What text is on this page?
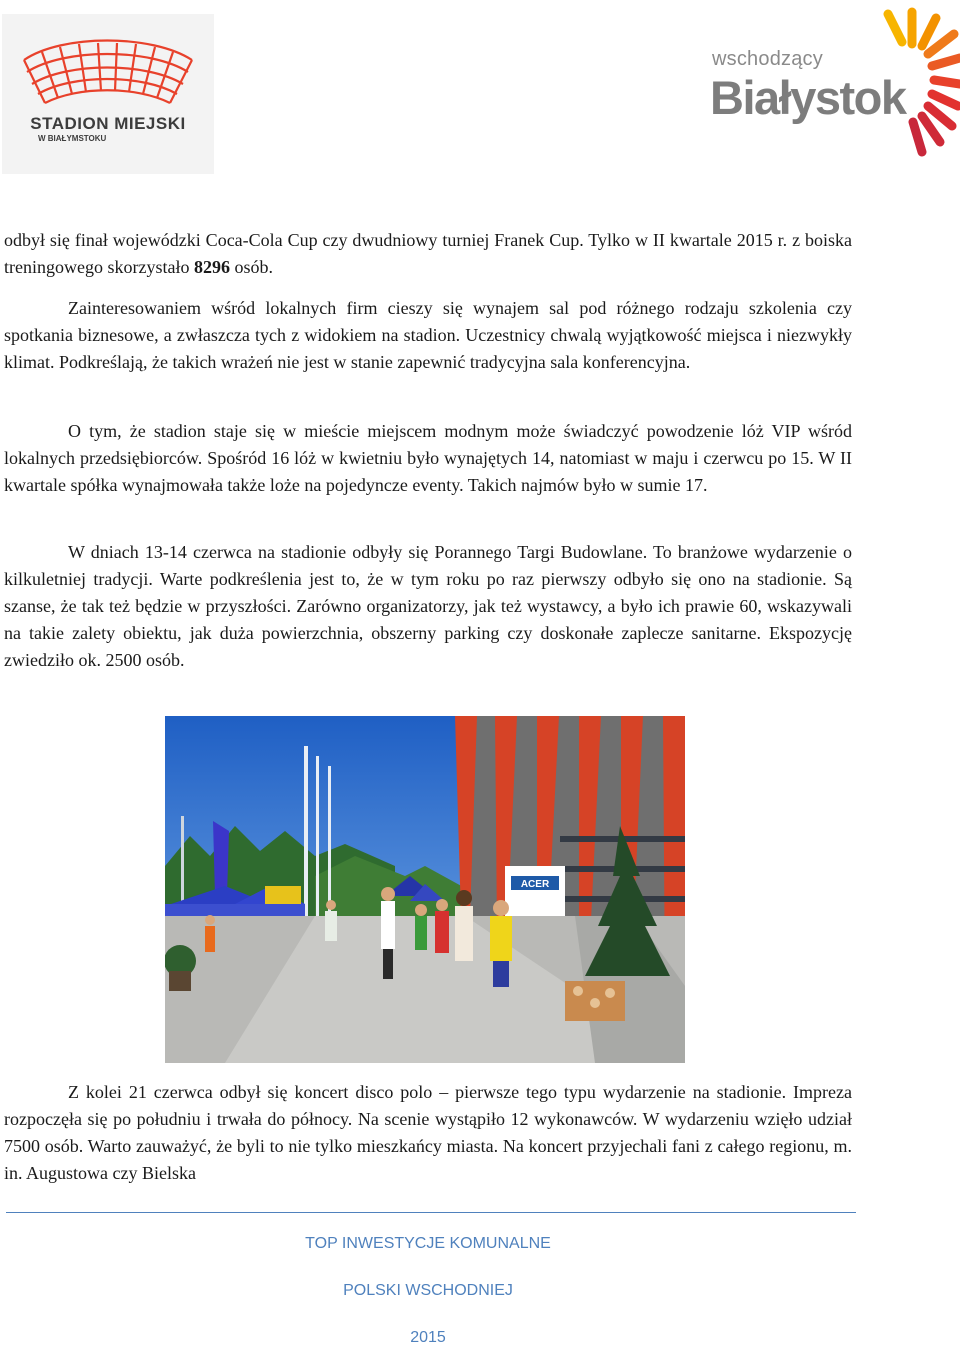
STADION MIEJSKI
W BIAŁYMSTOKU
wschodzący
Białystok

odbył się finał wojewódzki Coca-Cola Cup czy dwudniowy turniej Franek Cup. Tylko w II kwartale 2015 r. z boiska treningowego skorzystało 8296 osób.

Zainteresowaniem wśród lokalnych firm cieszy się wynajem sal pod różnego rodzaju szkolenia czy spotkania biznesowe, a zwłaszcza tych z widokiem na stadion. Uczestnicy chwalą wyjątkowość miejsca i niezwykły klimat. Podkreślają, że takich wrażeń nie jest w stanie zapewnić tradycyjna sala konferencyjna.

O tym, że stadion staje się w mieście miejscem modnym może świadczyć powodzenie lóż VIP wśród lokalnych przedsiębiorców. Spośród 16 lóż w kwietniu było wynajętych 14, natomiast w maju i czerwcu po 15. W II kwartale spółka wynajmowała także loże na pojedyncze eventy. Takich najmów było w sumie 17.

W dniach 13-14 czerwca na stadionie odbyły się Porannego Targi Budowlane. To branżowe wydarzenie o kilkuletniej tradycji. Warte podkreślenia jest to, że w tym roku po raz pierwszy odbyło się ono na stadionie. Są szanse, że tak też będzie w przyszłości. Zarówno organizatorzy, jak też wystawcy, a było ich prawie 60, wskazywali na takie zalety obiektu, jak duża powierzchnia, obszerny parking czy doskonałe zaplecze sanitarne. Ekspozycję zwiedziło ok. 2500 osób.

ACER

Z kolei 21 czerwca odbył się koncert disco polo – pierwsze tego typu wydarzenie na stadionie. Impreza rozpoczęła się po południu i trwała do północy. Na scenie wystąpiło 12 wykonawców. W wydarzeniu wzięło udział 7500 osób. Warto zauważyć, że byli to nie tylko mieszkańcy miasta. Na koncert przyjechali fani z całego regionu, m. in. Augustowa czy Bielska

TOP INWESTYCJE KOMUNALNE
POLSKI WSCHODNIEJ
2015
